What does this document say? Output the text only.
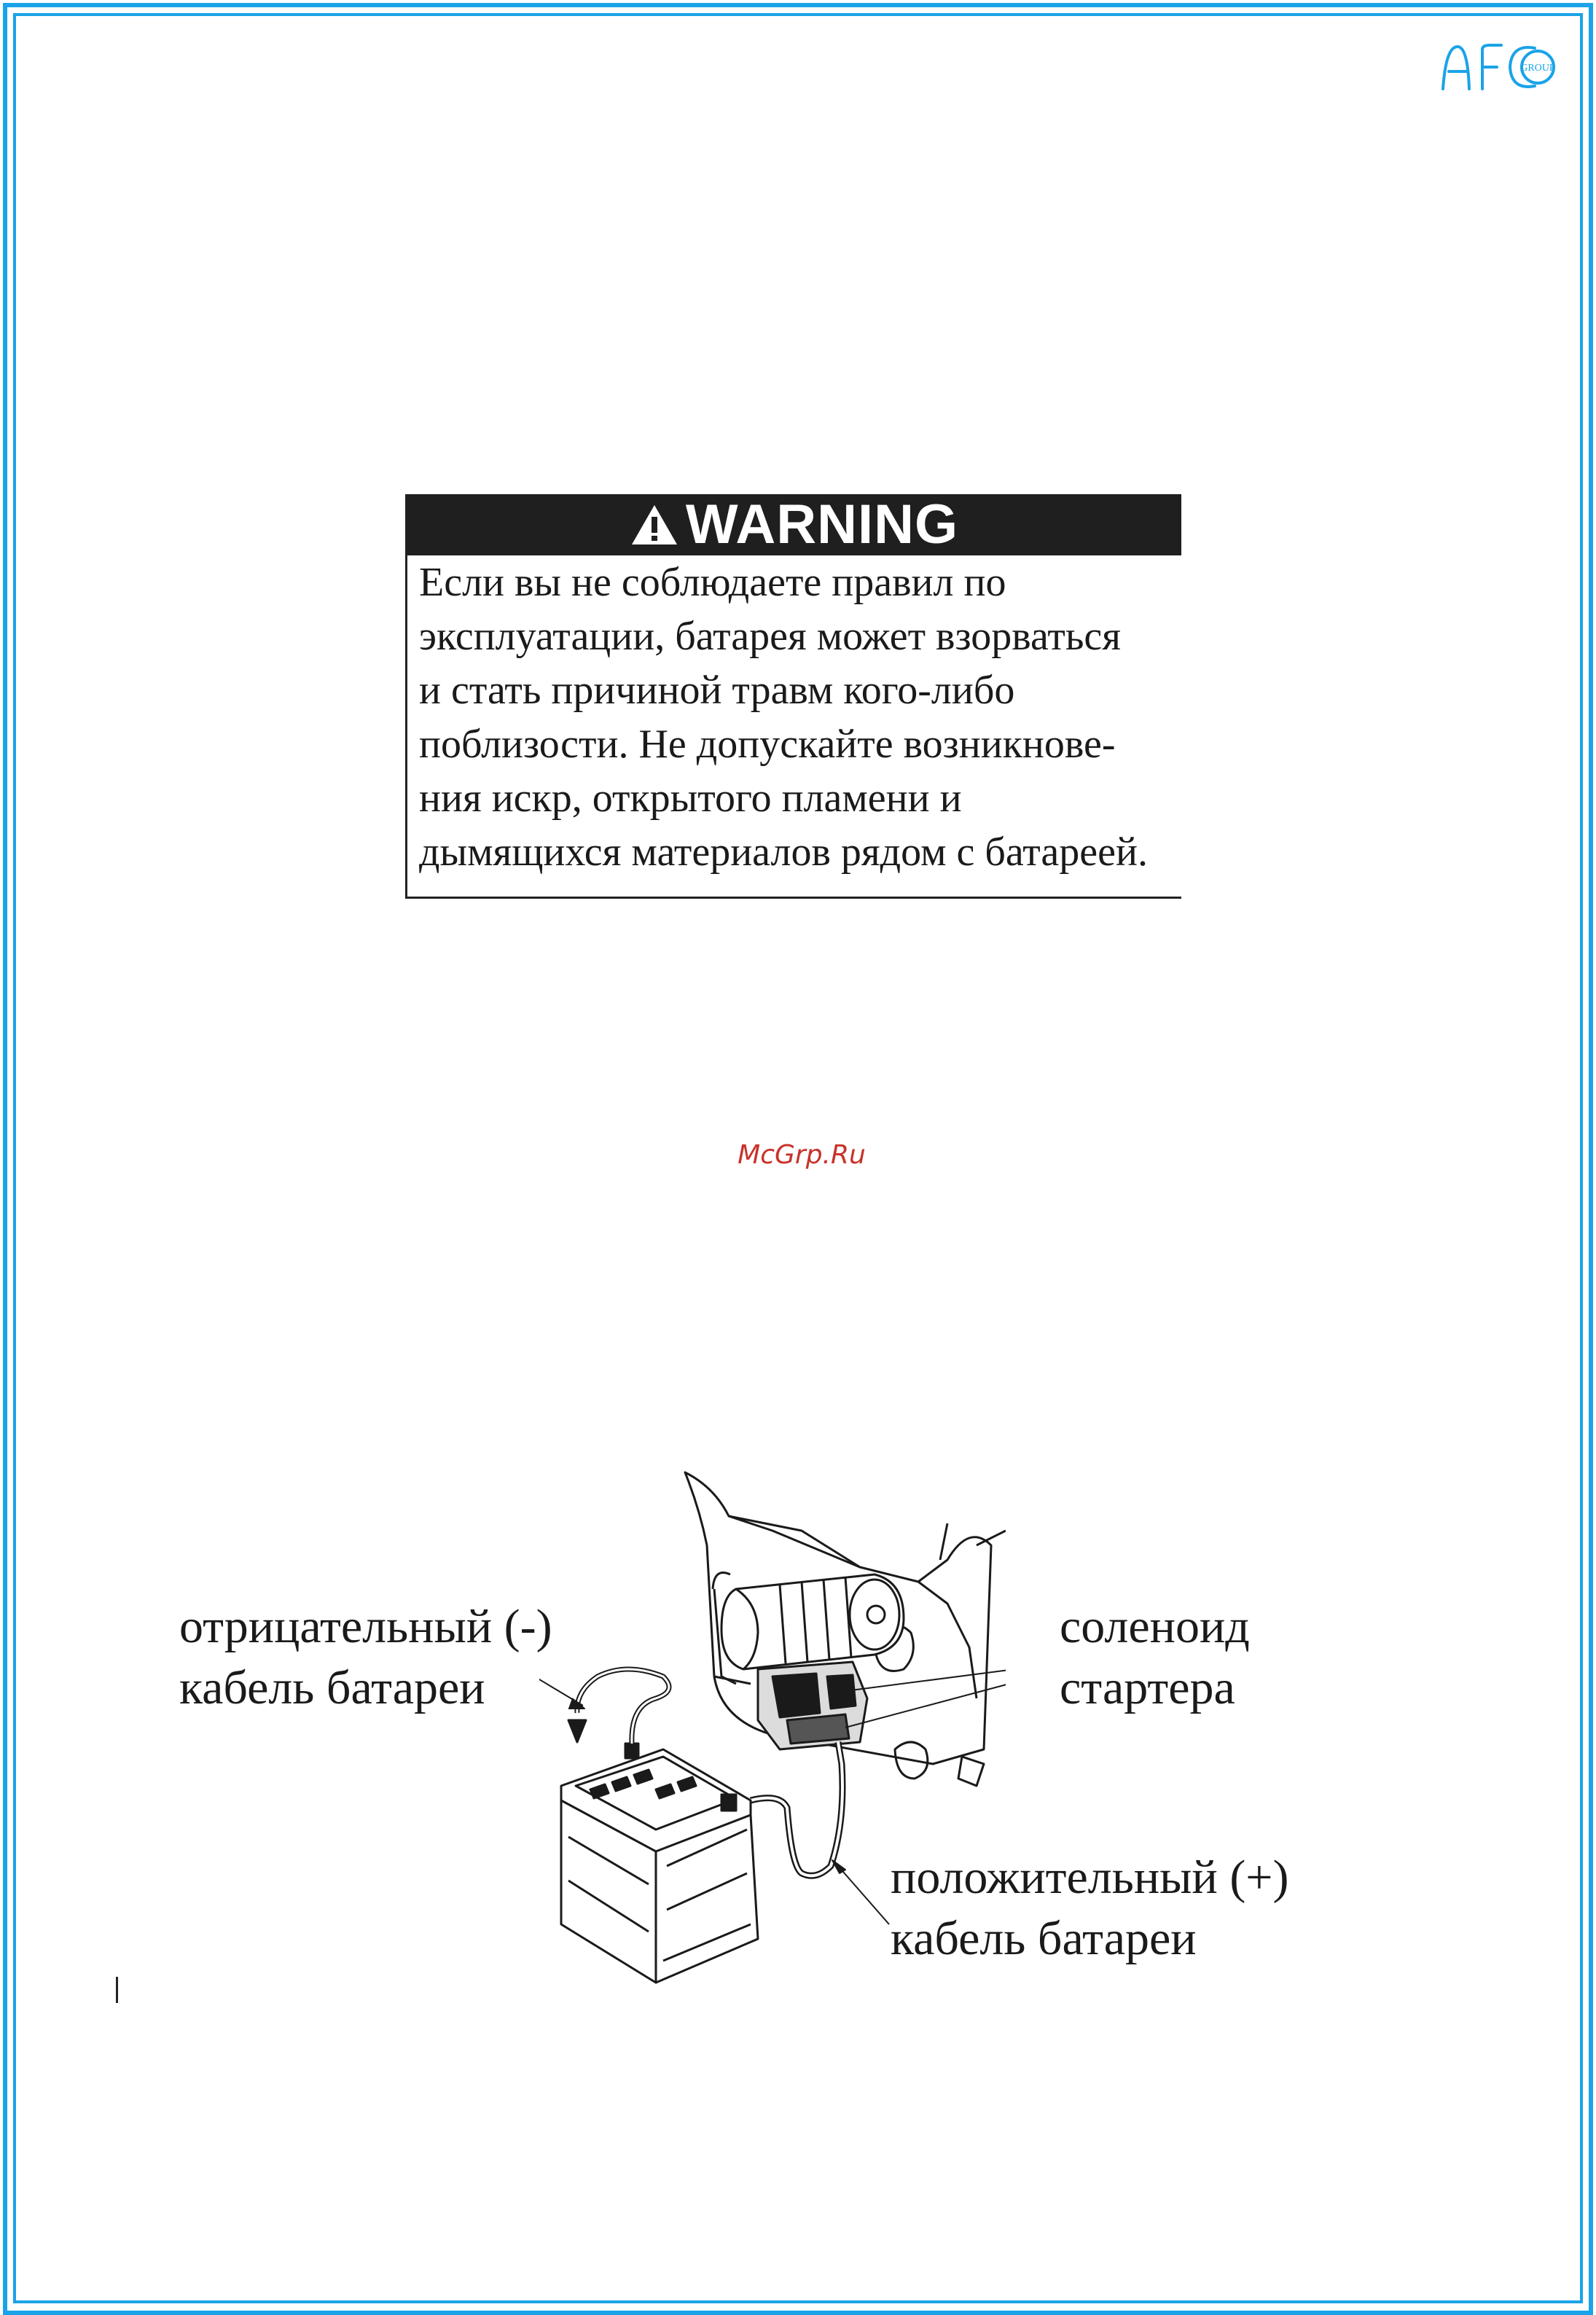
GROUP
WARNING

Если вы не соблюдаете правил по
эксплуатации, батарея может взорваться
и стать причиной травм кого-либо
поблизости. Не допускайте возникнове-
ния искр, открытого пламени и
дымящихся материалов рядом с батареей.

McGrp.Ru

отрицательный (-)
кабель батареи

соленоид
стартера

положительный (+)
кабель батареи
